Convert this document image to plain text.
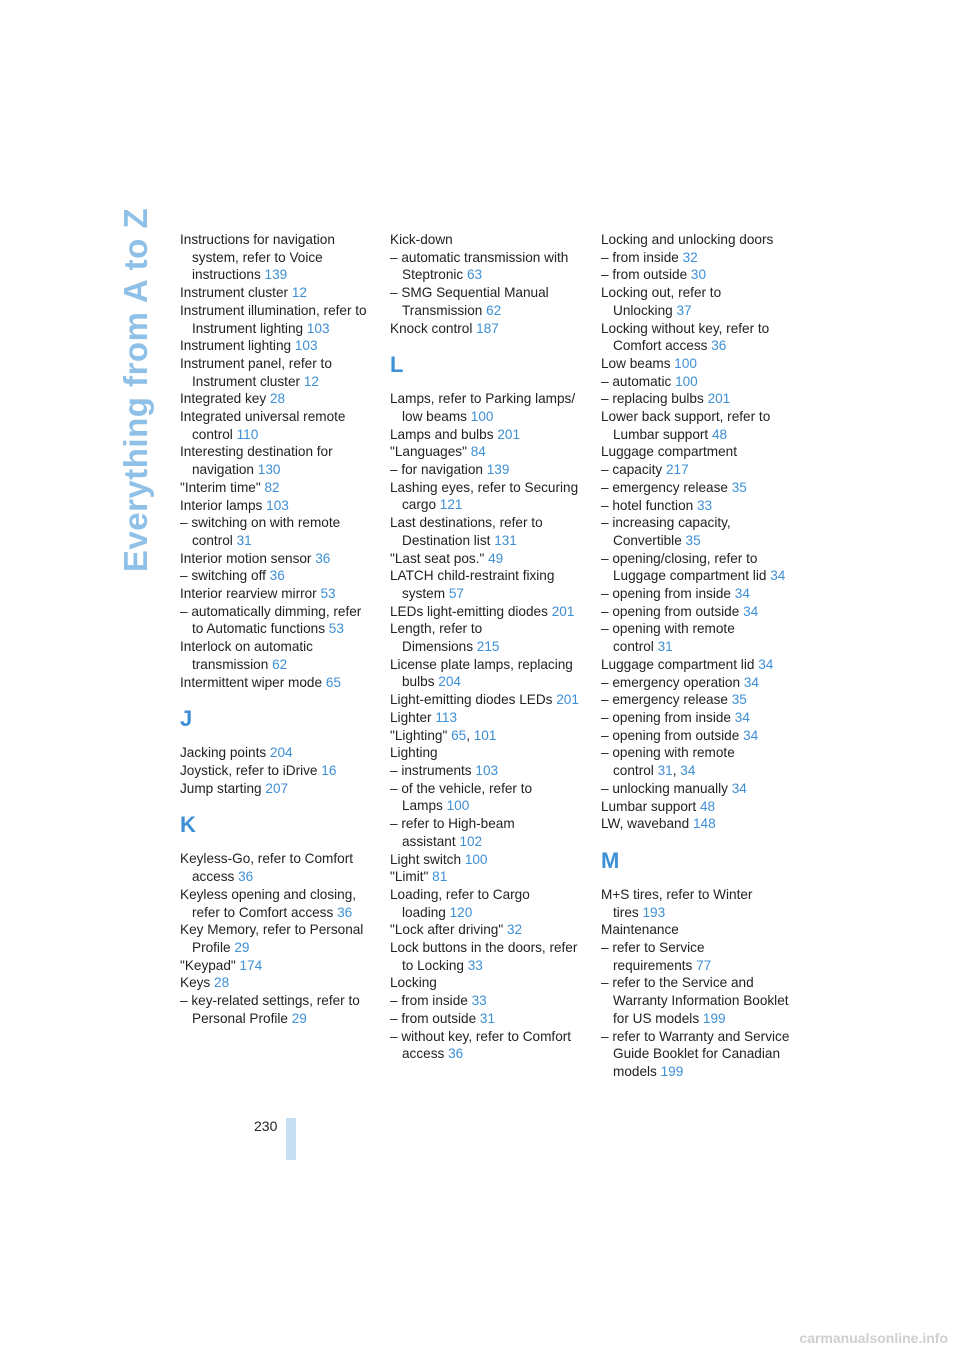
Everything from A to Z Instructions for navigation system, refer to Voice instructions 139
Instrument cluster 12
Instrument illumination, refer to Instrument lighting 103
Instrument lighting 103
Instrument panel, refer to Instrument cluster 12
Integrated key 28
Integrated universal remote control 110
Interesting destination for navigation 130
"Interim time" 82
Interior lamps 103
– switching on with remote control 31
Interior motion sensor 36
– switching off 36
Interior rearview mirror 53
– automatically dimming, refer to Automatic functions 53
Interlock on automatic transmission 62
Intermittent wiper mode 65
J
Jacking points 204
Joystick, refer to iDrive 16
Jump starting 207
K
Keyless-Go, refer to Comfort access 36
Keyless opening and closing, refer to Comfort access 36
Key Memory, refer to Personal Profile 29
"Keypad" 174
Keys 28
– key-related settings, refer to Personal Profile 29
Kick-down
– automatic transmission with Steptronic 63
– SMG Sequential Manual Transmission 62
Knock control 187
L
Lamps, refer to Parking lamps/ low beams 100
Lamps and bulbs 201
"Languages" 84
– for navigation 139
Lashing eyes, refer to Securing cargo 121
Last destinations, refer to Destination list 131
"Last seat pos." 49
LATCH child-restraint fixing system 57
LEDs light-emitting diodes 201
Length, refer to Dimensions 215
License plate lamps, replacing bulbs 204
Light-emitting diodes LEDs 201
Lighter 113
"Lighting" 65, 101
Lighting
– instruments 103
– of the vehicle, refer to Lamps 100
– refer to High-beam assistant 102
Light switch 100
"Limit" 81
Loading, refer to Cargo loading 120
"Lock after driving" 32
Lock buttons in the doors, refer to Locking 33
Locking
– from inside 33
– from outside 31
– without key, refer to Comfort access 36
Locking and unlocking doors
– from inside 32
– from outside 30
Locking out, refer to Unlocking 37
Locking without key, refer to Comfort access 36
Low beams 100
– automatic 100
– replacing bulbs 201
Lower back support, refer to Lumbar support 48
Luggage compartment
– capacity 217
– emergency release 35
– hotel function 33
– increasing capacity, Convertible 35
– opening/closing, refer to Luggage compartment lid 34
– opening from inside 34
– opening from outside 34
– opening with remote control 31
Luggage compartment lid 34
– emergency operation 34
– emergency release 35
– opening from inside 34
– opening from outside 34
– opening with remote control 31, 34
– unlocking manually 34
Lumbar support 48
LW, waveband 148
M
M+S tires, refer to Winter tires 193
Maintenance
– refer to Service requirements 77
– refer to the Service and Warranty Information Booklet for US models 199
– refer to Warranty and Service Guide Booklet for Canadian models 199
230
carmanualsonline.info
